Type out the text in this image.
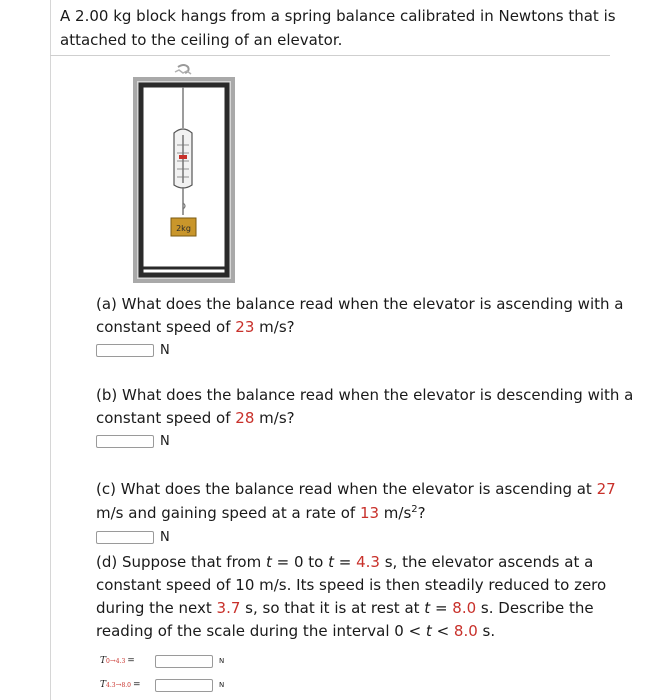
A 2.00 kg block hangs from a spring balance calibrated in Newtons that is attached to the ceiling of an elevator.
2kg
(a) What does the balance read when the elevator is ascending with a constant speed of 23 m/s?
N
(b) What does the balance read when the elevator is descending with a constant speed of 28 m/s?
N
(c) What does the balance read when the elevator is ascending at 27 m/s and gaining speed at a rate of 13 $m/s^2$?
N
(d) Suppose that from t = 0 to t = 4.3 s, the elevator ascends at a constant speed of 10 m/s. Its speed is then steadily reduced to zero during the next 3.7 s, so that it is at rest at t = 8.0 s. Describe the reading of the scale during the interval 0 < t < 8.0 s.
T0→4.3 =	N
T4.3→8.0 =	N
